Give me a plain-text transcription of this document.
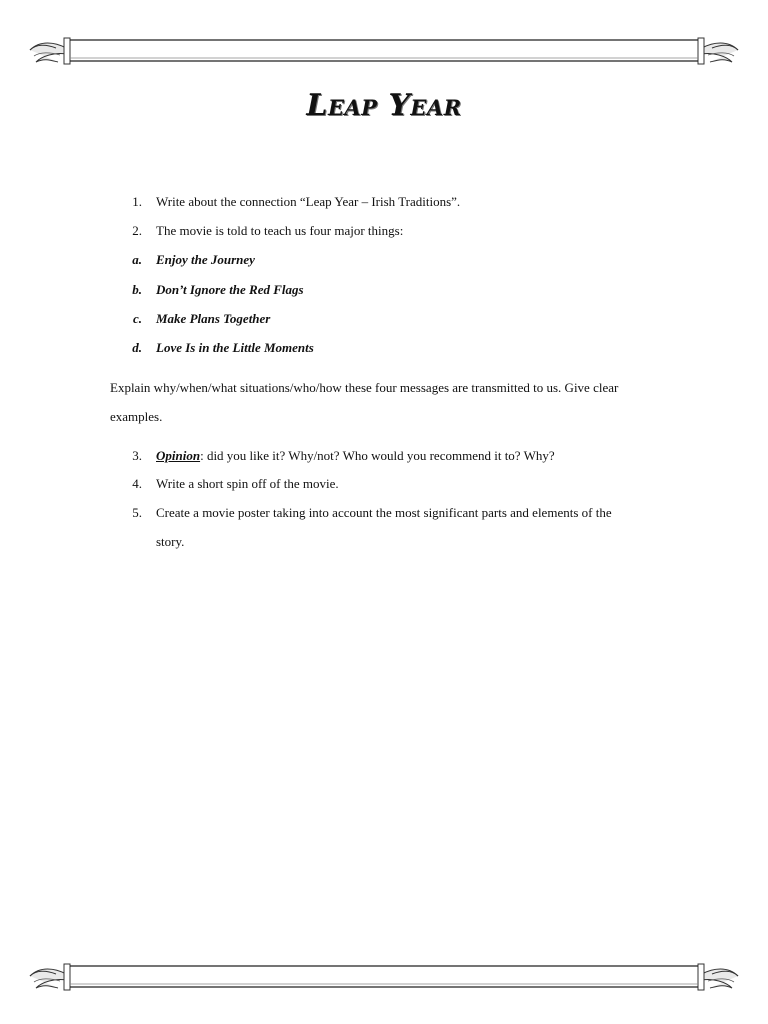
Leap Year
1. Write about the connection “Leap Year – Irish Traditions”.
2. The movie is told to teach us four major things:
a. Enjoy the Journey
b. Don’t Ignore the Red Flags
c. Make Plans Together
d. Love Is in the Little Moments
Explain why/when/what situations/who/how these four messages are transmitted to us. Give clear
examples.
3. Opinion: did you like it? Why/not? Who would you recommend it to? Why?
4. Write a short spin off of the movie.
5. Create a movie poster taking into account the most significant parts and elements of the
story.
